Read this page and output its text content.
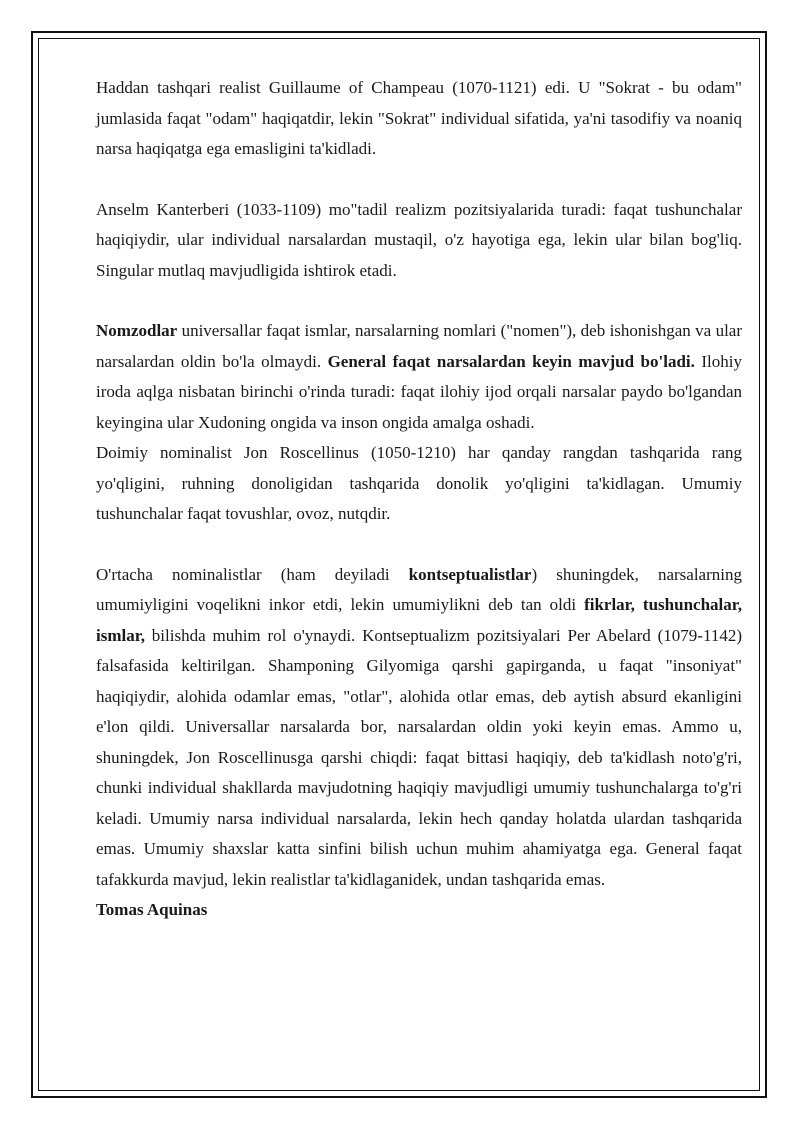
Haddan tashqari realist Guillaume of Champeau (1070-1121) edi. U "Sokrat - bu odam" jumlasida faqat "odam" haqiqatdir, lekin "Sokrat" individual sifatida, ya'ni tasodifiy va noaniq narsa haqiqatga ega emasligini ta'kidladi.

Anselm Kanterberi (1033-1109) mo"tadil realizm pozitsiyalarida turadi: faqat tushunchalar haqiqiydir, ular individual narsalardan mustaqil, o'z hayotiga ega, lekin ular bilan bog'liq. Singular mutlaq mavjudligida ishtirok etadi.

Nomzodlar universallar faqat ismlar, narsalarning nomlari ("nomen"), deb ishonishgan va ular narsalardan oldin bo'la olmaydi. General faqat narsalardan keyin mavjud bo'ladi. Ilohiy iroda aqlga nisbatan birinchi o'rinda turadi: faqat ilohiy ijod orqali narsalar paydo bo'lgandan keyingina ular Xudoning ongida va inson ongida amalga oshadi.

Doimiy nominalist Jon Roscellinus (1050-1210) har qanday rangdan tashqarida rang yo'qligini, ruhning donoligidan tashqarida donolik yo'qligini ta'kidlagan. Umumiy tushunchalar faqat tovushlar, ovoz, nutqdir.

O'rtacha nominalistlar (ham deyiladi kontseptualistlar) shuningdek, narsalarning umumiyligini voqelikni inkor etdi, lekin umumiylikni deb tan oldi fikrlar, tushunchalar, ismlar, bilishda muhim rol o'ynaydi. Kontseptualizm pozitsiyalari Per Abelard (1079-1142) falsafasida keltirilgan. Shamponing Gilyomiga qarshi gapirganda, u faqat "insoniyat" haqiqiydir, alohida odamlar emas, "otlar", alohida otlar emas, deb aytish absurd ekanligini e'lon qildi. Universallar narsalarda bor, narsalardan oldin yoki keyin emas. Ammo u, shuningdek, Jon Roscellinusga qarshi chiqdi: faqat bittasi haqiqiy, deb ta'kidlash noto'g'ri, chunki individual shakllarda mavjudotning haqiqiy mavjudligi umumiy tushunchalarga to'g'ri keladi. Umumiy narsa individual narsalarda, lekin hech qanday holatda ulardan tashqarida emas. Umumiy shaxslar katta sinfini bilish uchun muhim ahamiyatga ega. General faqat tafakkurda mavjud, lekin realistlar ta'kidlaganidek, undan tashqarida emas.

Tomas Aquinas
